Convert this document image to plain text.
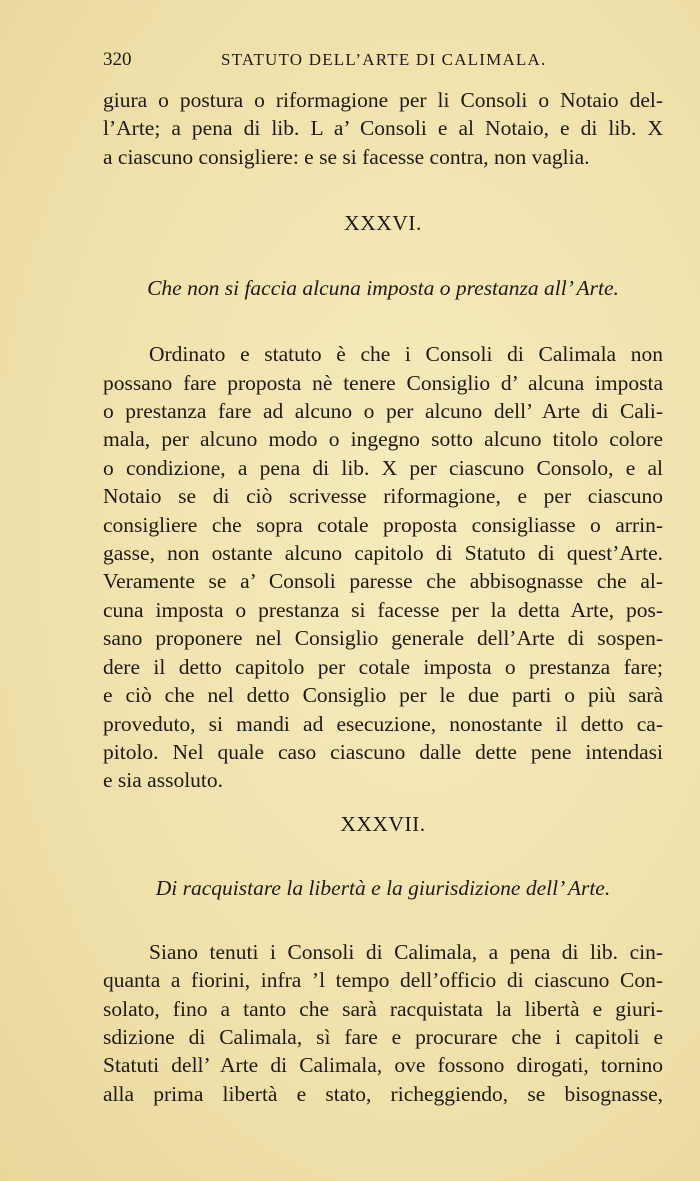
320	STATUTO DELL’ARTE DI CALIMALA.

giura o postura o riformagione per li Consoli o Notaio del-

l’Arte; a pena di lib. L a’ Consoli e al Notaio, e di lib. X

a ciascuno consigliere: e se si facesse contra, non vaglia.

XXXVI.
Che non si faccia alcuna imposta o prestanza all’ Arte.

Ordinato e statuto è che i Consoli di Calimala non

possano fare proposta nè tenere Consiglio d’ alcuna imposta

o prestanza fare ad alcuno o per alcuno dell’ Arte di Cali-

mala, per alcuno modo o ingegno sotto alcuno titolo colore

o condizione, a pena di lib. X per ciascuno Consolo, e al

Notaio se di ciò scrivesse riformagione, e per ciascuno

consigliere che sopra cotale proposta consigliasse o arrin-

gasse, non ostante alcuno capitolo di Statuto di quest’Arte.

Veramente se a’ Consoli paresse che abbisognasse che al-

cuna imposta o prestanza si facesse per la detta Arte, pos-

sano proponere nel Consiglio generale dell’Arte di sospen-

dere il detto capitolo per cotale imposta o prestanza fare;

e ciò che nel detto Consiglio per le due parti o più sarà

proveduto, si mandi ad esecuzione, nonostante il detto ca-

pitolo. Nel quale caso ciascuno dalle dette pene intendasi

e sia assoluto.

XXXVII.
Di racquistare la libertà e la giurisdizione dell’ Arte.

Siano tenuti i Consoli di Calimala, a pena di lib. cin-

quanta a fiorini, infra ’l tempo dell’officio di ciascuno Con-

solato, fino a tanto che sarà racquistata la libertà e giuri-

sdizione di Calimala, sì fare e procurare che i capitoli e

Statuti dell’ Arte di Calimala, ove fossono dirogati, tornino

alla prima libertà e stato, richeggiendo, se bisognasse,
